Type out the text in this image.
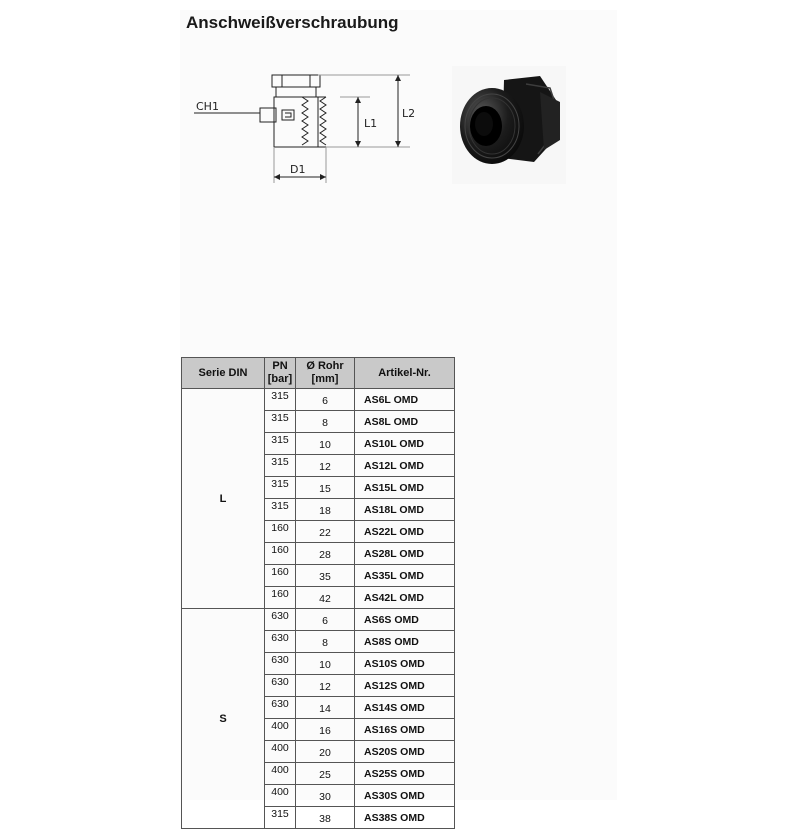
Anschweißverschraubung
CH1
L1
L2
D1
Serie DIN	PN [bar]	Ø Rohr [mm]	Artikel-Nr.
L	315	6	AS6L OMD
	315	8	AS8L OMD
	315	10	AS10L OMD
	315	12	AS12L OMD
	315	15	AS15L OMD
	315	18	AS18L OMD
	160	22	AS22L OMD
	160	28	AS28L OMD
	160	35	AS35L OMD
	160	42	AS42L OMD
S	630	6	AS6S OMD
	630	8	AS8S OMD
	630	10	AS10S OMD
	630	12	AS12S OMD
	630	14	AS14S OMD
	400	16	AS16S OMD
	400	20	AS20S OMD
	400	25	AS25S OMD
	400	30	AS30S OMD
	315	38	AS38S OMD
